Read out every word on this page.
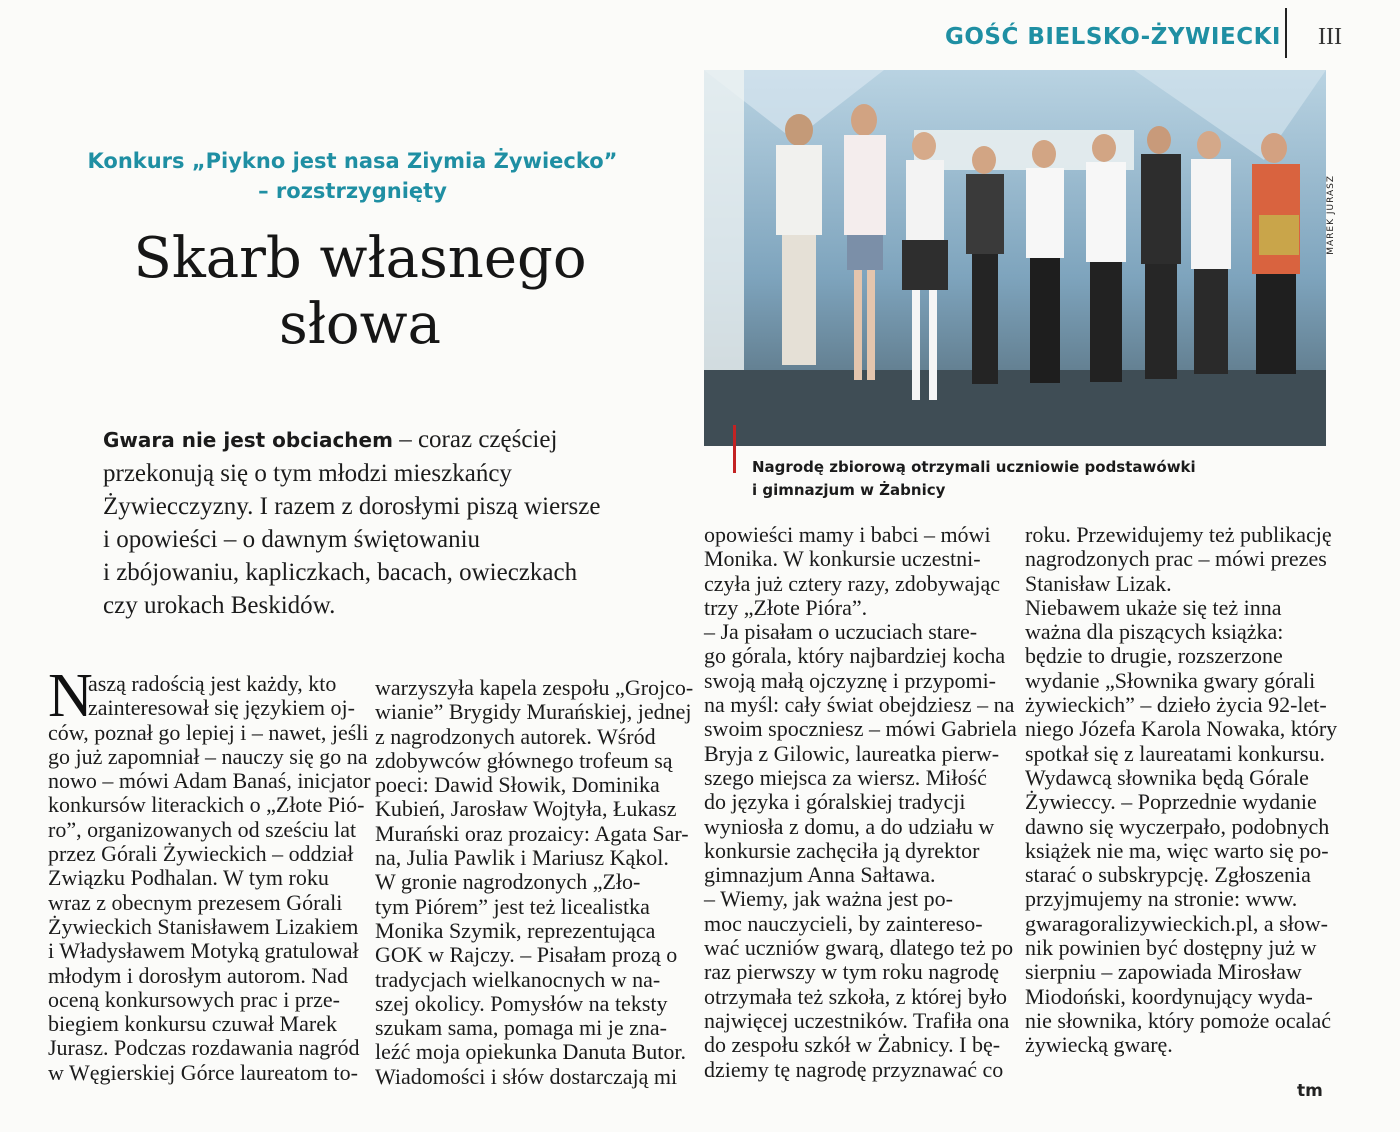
GOŚĆ BIELSKO-ŻYWIECKI III
Konkurs „Piykno jest nasa Ziymia Żywiecko”
– rozstrzygnięty
Skarb własnego
słowa
Gwara nie jest obciachem – coraz częściej
przekonują się o tym młodzi mieszkańcy
Żywiecczyzny. I razem z dorosłymi piszą wiersze
i opowieści – o dawnym świętowaniu
i zbójowaniu, kapliczkach, bacach, owieczkach
czy urokach Beskidów.
MAREK JURASZ
Nagrodę zbiorową otrzymali uczniowie podstawówki
i gimnazjum w Żabnicy
N
aszą radością jest każdy, kto
zainteresował się językiem oj-
ców, poznał go lepiej i – nawet, jeśli
go już zapomniał – nauczy się go na
nowo – mówi Adam Banaś, inicjator
konkursów literackich o „Złote Pió-
ro”, organizowanych od sześciu lat
przez Górali Żywieckich – oddział
Związku Podhalan. W tym roku
wraz z obecnym prezesem Górali
Żywieckich Stanisławem Lizakiem
i Władysławem Motyką gratulował
młodym i dorosłym autorom. Nad
oceną konkursowych prac i prze-
biegiem konkursu czuwał Marek
Jurasz. Podczas rozdawania nagród
w Węgierskiej Górce laureatom to-
warzyszyła kapela zespołu „Grojco-
wianie” Brygidy Murańskiej, jednej
z nagrodzonych autorek. Wśród
zdobywców głównego trofeum są
poeci: Dawid Słowik, Dominika
Kubień, Jarosław Wojtyła, Łukasz
Murański oraz prozaicy: Agata Sar-
na, Julia Pawlik i Mariusz Kąkol.
W gronie nagrodzonych „Zło-
tym Piórem” jest też licealistka
Monika Szymik, reprezentująca
GOK w Rajczy. – Pisałam prozą o
tradycjach wielkanocnych w na-
szej okolicy. Pomysłów na teksty
szukam sama, pomaga mi je zna-
leźć moja opiekunka Danuta Butor.
Wiadomości i słów dostarczają mi
opowieści mamy i babci – mówi
Monika. W konkursie uczestni-
czyła już cztery razy, zdobywając
trzy „Złote Pióra”.
– Ja pisałam o uczuciach stare-
go górala, który najbardziej kocha
swoją małą ojczyznę i przypomi-
na myśl: cały świat obejdziesz – na
swoim spoczniesz – mówi Gabriela
Bryja z Gilowic, laureatka pierw-
szego miejsca za wiersz. Miłość
do języka i góralskiej tradycji
wyniosła z domu, a do udziału w
konkursie zachęciła ją dyrektor
gimnazjum Anna Sałtawa.
– Wiemy, jak ważna jest po-
moc nauczycieli, by zainteresо-
wać uczniów gwarą, dlatego też po
raz pierwszy w tym roku nagrodę
otrzymała też szkoła, z której było
najwięcej uczestników. Trafiła ona
do zespołu szkół w Żabnicy. I bę-
dziemy tę nagrodę przyznawać co
roku. Przewidujemy też publikację
nagrodzonych prac – mówi prezes
Stanisław Lizak.
Niebawem ukaże się też inna
ważna dla piszących książka:
będzie to drugie, rozszerzone
wydanie „Słownika gwary górali
żywieckich” – dzieło życia 92-let-
niego Józefa Karola Nowaka, który
spotkał się z laureatami konkursu.
Wydawcą słownika będą Górale
Żywieccy. – Poprzednie wydanie
dawno się wyczerpało, podobnych
książek nie ma, więc warto się po-
starać o subskrypcję. Zgłoszenia
przyjmujemy na stronie: www.
gwaragoralizywieckich.pl, a słow-
nik powinien być dostępny już w
sierpniu – zapowiada Mirosław
Miodoński, koordynujący wyda-
nie słownika, który pomoże ocalać
żywiecką gwarę.
tm
